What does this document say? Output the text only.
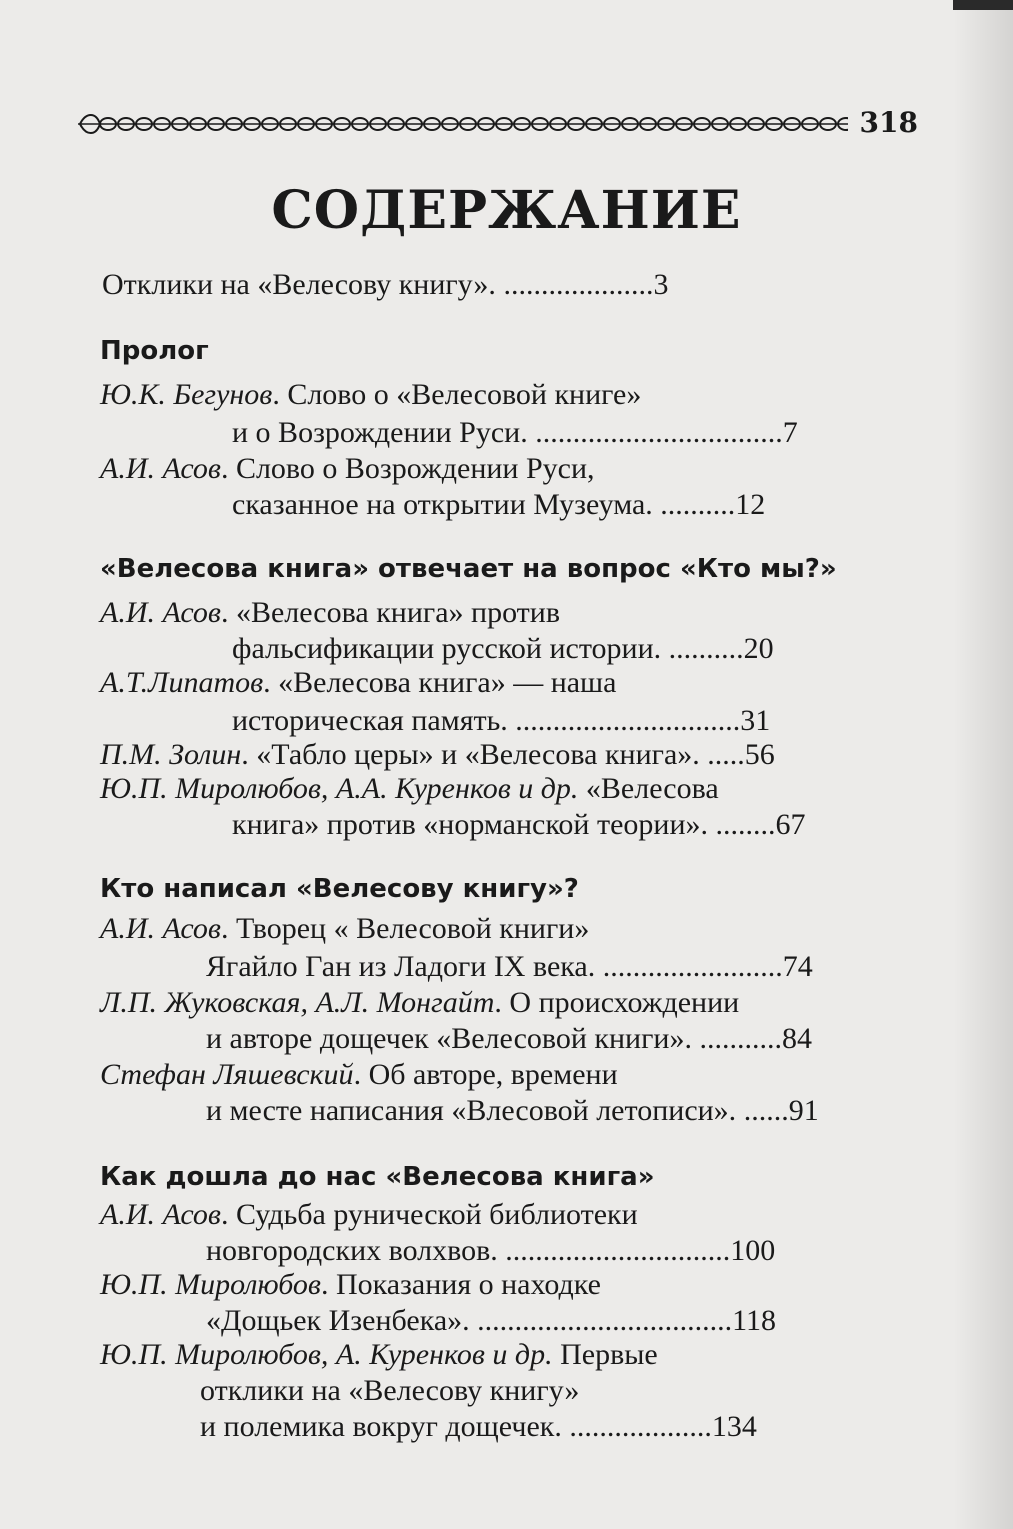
318
СОДЕРЖАНИЕ
Отклики на «Велесову книгу». ....................3
Пролог
Ю.К. Бегунов. Слово о «Велесовой книге»
и о Возрождении Руси. .................................7
А.И. Асов. Слово о Возрождении Руси,
сказанное на открытии Музеума. ..........12
«Велесова книга» отвечает на вопрос «Кто мы?»
А.И. Асов. «Велесова книга» против
фальсификации русской истории. ..........20
А.Т.Липатов. «Велесова книга» — наша
историческая память. ..............................31
П.М. Золин. «Табло церы» и «Велесова книга». .....56
Ю.П. Миролюбов, А.А. Куренков и др. «Велесова
книга» против «норманской теории». ........67
Кто написал «Велесову книгу»?
А.И. Асов. Творец « Велесовой книги»
Ягайло Ган из Ладоги IX века. ........................74
Л.П. Жуковская, А.Л. Монгайт. О происхождении
и авторе дощечек «Велесовой книги». ...........84
Стефан Ляшевский. Об авторе, времени
и месте написания «Влесовой летописи». ......91
Как дошла до нас «Велесова книга»
А.И. Асов. Судьба рунической библиотеки
новгородских волхвов. ..............................100
Ю.П. Миролюбов. Показания о находке
«Дощьек Изенбека». ..................................118
Ю.П. Миролюбов, А. Куренков и др. Первые
отклики на «Велесову книгу»
и полемика вокруг дощечек. ...................134
